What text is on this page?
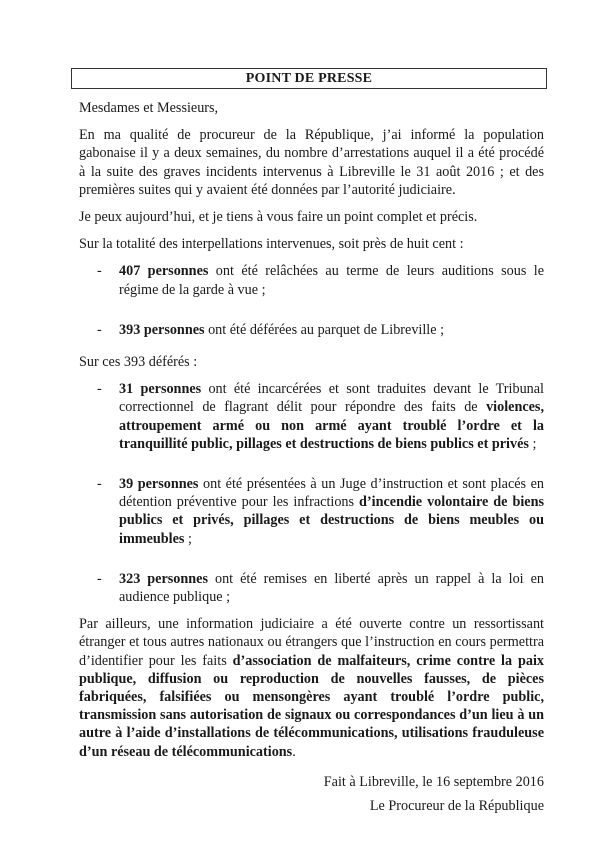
POINT DE PRESSE

Mesdames et Messieurs,

En ma qualité de procureur de la République, j’ai informé la population gabonaise il y a deux semaines, du nombre d’arrestations auquel il a été procédé à la suite des graves incidents intervenus à Libreville le 31 août 2016 ; et des premières suites qui y avaient été données par l’autorité judiciaire.

Je peux aujourd’hui, et je tiens à vous faire un point complet et précis.

Sur la totalité des interpellations intervenues, soit près de huit cent :

- 407 personnes ont été relâchées au terme de leurs auditions sous le régime de la garde à vue ;
- 393 personnes ont été déférées au parquet de Libreville ;

Sur ces 393 déférés :

- 31 personnes ont été incarcérées et sont traduites devant le Tribunal correctionnel de flagrant délit pour répondre des faits de violences, attroupement armé ou non armé ayant troublé l’ordre et la tranquillité public, pillages et destructions de biens publics et privés ;
- 39 personnes ont été présentées à un Juge d’instruction et sont placés en détention préventive pour les infractions d’incendie volontaire de biens publics et privés, pillages et destructions de biens meubles ou immeubles ;
- 323 personnes ont été remises en liberté après un rappel à la loi en audience publique ;

Par ailleurs, une information judiciaire a été ouverte contre un ressortissant étranger et tous autres nationaux ou étrangers que l’instruction en cours permettra d’identifier pour les faits d’association de malfaiteurs, crime contre la paix publique, diffusion ou reproduction de nouvelles fausses, de pièces fabriquées, falsifiées ou mensongères ayant troublé l’ordre public, transmission sans autorisation de signaux ou correspondances d’un lieu à un autre à l’aide d’installations de télécommunications, utilisations frauduleuse d’un réseau de télécommunications.

Fait à Libreville, le 16 septembre 2016

Le Procureur de la République
